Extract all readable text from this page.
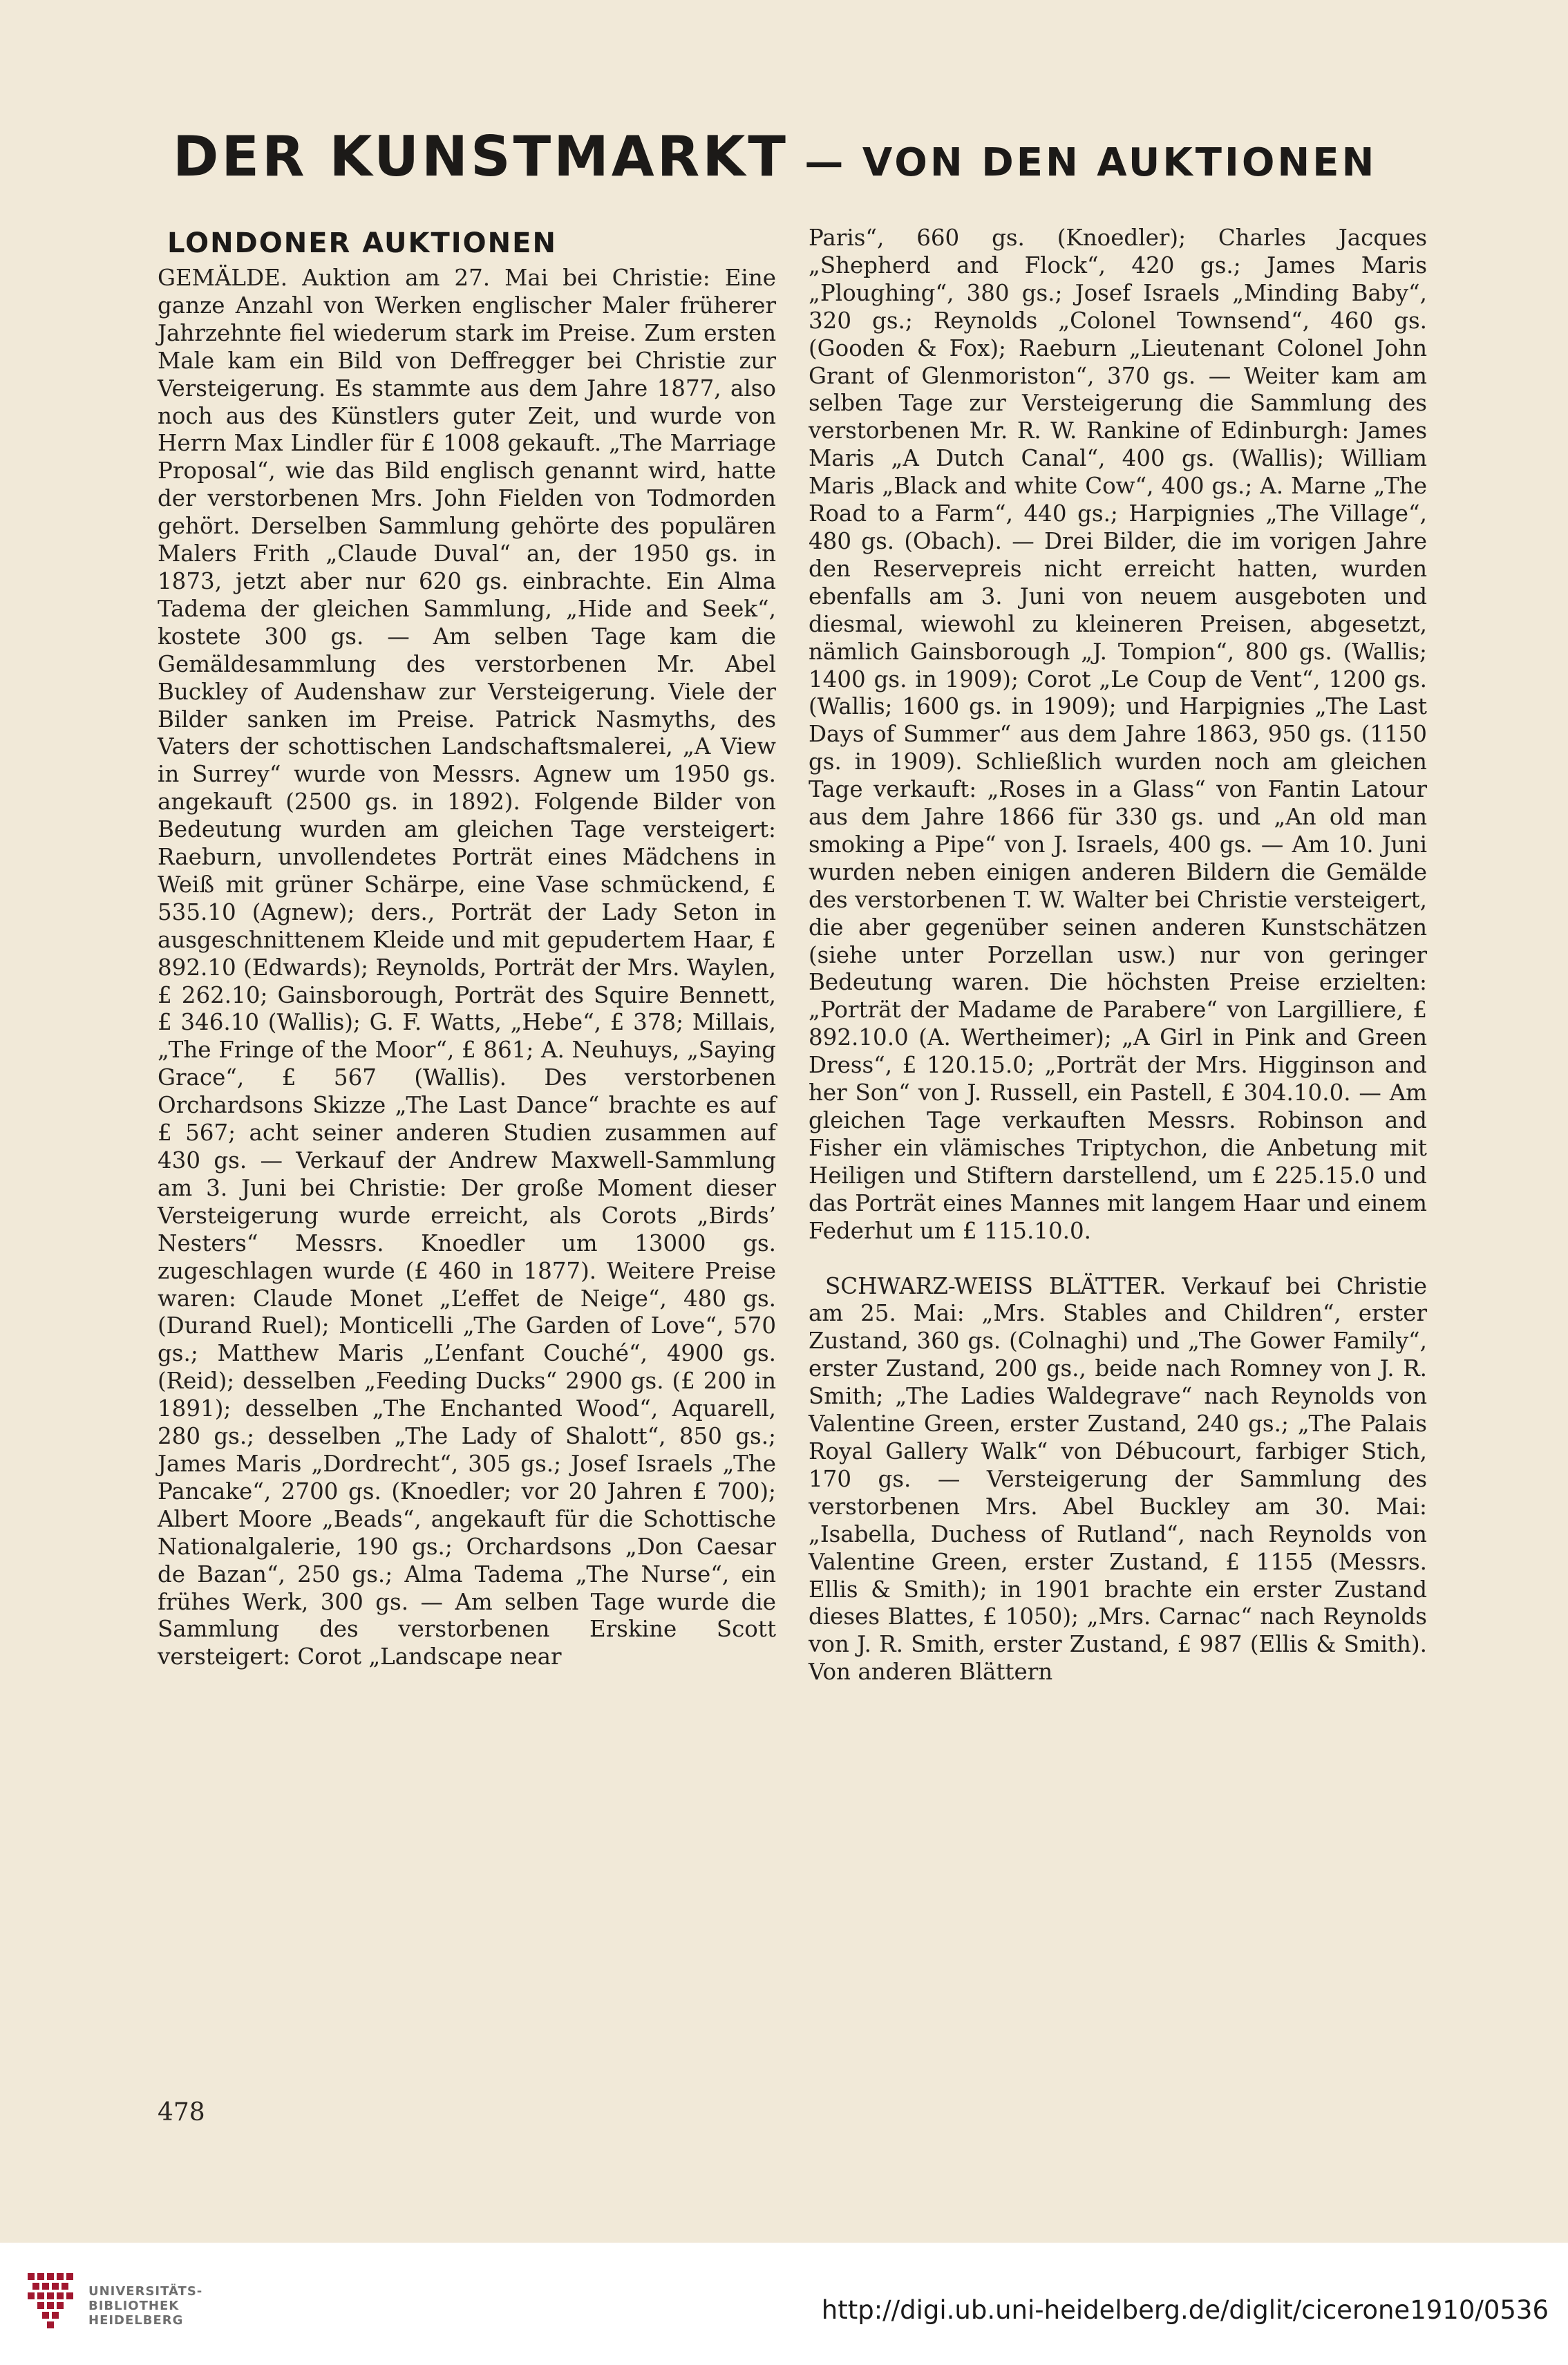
DER KUNSTMARKT — VON DEN AUKTIONEN
LONDONER AUKTIONEN

GEMÄLDE. Auktion am 27. Mai bei Christie: Eine ganze Anzahl von Werken englischer Maler früherer Jahrzehnte fiel wiederum stark im Preise. Zum ersten Male kam ein Bild von Deffregger bei Christie zur Versteigerung. Es stammte aus dem Jahre 1877, also noch aus des Künstlers guter Zeit, und wurde von Herrn Max Lindler für £ 1008 gekauft. „The Marriage Proposal“, wie das Bild englisch genannt wird, hatte der verstorbenen Mrs. John Fielden von Todmorden gehört. Derselben Sammlung gehörte des populären Malers Frith „Claude Duval“ an, der 1950 gs. in 1873, jetzt aber nur 620 gs. einbrachte. Ein Alma Tadema der gleichen Sammlung, „Hide and Seek“, kostete 300 gs. — Am selben Tage kam die Gemäldesammlung des verstorbenen Mr. Abel Buckley of Audenshaw zur Versteigerung. Viele der Bilder sanken im Preise. Patrick Nasmyths, des Vaters der schottischen Landschaftsmalerei, „A View in Surrey“ wurde von Messrs. Agnew um 1950 gs. angekauft (2500 gs. in 1892). Folgende Bilder von Bedeutung wurden am gleichen Tage versteigert: Raeburn, unvollendetes Porträt eines Mädchens in Weiß mit grüner Schärpe, eine Vase schmückend, £ 535.10 (Agnew); ders., Porträt der Lady Seton in ausgeschnittenem Kleide und mit gepudertem Haar, £ 892.10 (Edwards); Reynolds, Porträt der Mrs. Waylen, £ 262.10; Gainsborough, Porträt des Squire Bennett, £ 346.10 (Wallis); G. F. Watts, „Hebe“, £ 378; Millais, „The Fringe of the Moor“, £ 861; A. Neuhuys, „Saying Grace“, £ 567 (Wallis). Des verstorbenen Orchardsons Skizze „The Last Dance“ brachte es auf £ 567; acht seiner anderen Studien zusammen auf 430 gs. — Verkauf der Andrew Maxwell-Sammlung am 3. Juni bei Christie: Der große Moment dieser Versteigerung wurde erreicht, als Corots „Birds’ Nesters“ Messrs. Knoedler um 13000 gs. zugeschlagen wurde (£ 460 in 1877). Weitere Preise waren: Claude Monet „L’effet de Neige“, 480 gs. (Durand Ruel); Monticelli „The Garden of Love“, 570 gs.; Matthew Maris „L’enfant Couché“, 4900 gs. (Reid); desselben „Feeding Ducks“ 2900 gs. (£ 200 in 1891); desselben „The Enchanted Wood“, Aquarell, 280 gs.; desselben „The Lady of Shalott“, 850 gs.; James Maris „Dordrecht“, 305 gs.; Josef Israels „The Pancake“, 2700 gs. (Knoedler; vor 20 Jahren £ 700); Albert Moore „Beads“, angekauft für die Schottische Nationalgalerie, 190 gs.; Orchardsons „Don Caesar de Bazan“, 250 gs.; Alma Tadema „The Nurse“, ein frühes Werk, 300 gs. — Am selben Tage wurde die Sammlung des verstorbenen Erskine Scott versteigert: Corot „Landscape near

Paris“, 660 gs. (Knoedler); Charles Jacques „Shepherd and Flock“, 420 gs.; James Maris „Ploughing“, 380 gs.; Josef Israels „Minding Baby“, 320 gs.; Reynolds „Colonel Townsend“, 460 gs. (Gooden & Fox); Raeburn „Lieutenant Colonel John Grant of Glenmoriston“, 370 gs. — Weiter kam am selben Tage zur Versteigerung die Sammlung des verstorbenen Mr. R. W. Rankine of Edinburgh: James Maris „A Dutch Canal“, 400 gs. (Wallis); William Maris „Black and white Cow“, 400 gs.; A. Marne „The Road to a Farm“, 440 gs.; Harpignies „The Village“, 480 gs. (Obach). — Drei Bilder, die im vorigen Jahre den Reservepreis nicht erreicht hatten, wurden ebenfalls am 3. Juni von neuem ausgeboten und diesmal, wiewohl zu kleineren Preisen, abgesetzt, nämlich Gainsborough „J. Tompion“, 800 gs. (Wallis; 1400 gs. in 1909); Corot „Le Coup de Vent“, 1200 gs. (Wallis; 1600 gs. in 1909); und Harpignies „The Last Days of Summer“ aus dem Jahre 1863, 950 gs. (1150 gs. in 1909). Schließlich wurden noch am gleichen Tage verkauft: „Roses in a Glass“ von Fantin Latour aus dem Jahre 1866 für 330 gs. und „An old man smoking a Pipe“ von J. Israels, 400 gs. — Am 10. Juni wurden neben einigen anderen Bildern die Gemälde des verstorbenen T. W. Walter bei Christie versteigert, die aber gegenüber seinen anderen Kunstschätzen (siehe unter Porzellan usw.) nur von geringer Bedeutung waren. Die höchsten Preise erzielten: „Porträt der Madame de Parabere“ von Largilliere, £ 892.10.0 (A. Wertheimer); „A Girl in Pink and Green Dress“, £ 120.15.0; „Porträt der Mrs. Higginson and her Son“ von J. Russell, ein Pastell, £ 304.10.0. — Am gleichen Tage verkauften Messrs. Robinson and Fisher ein vlämisches Triptychon, die Anbetung mit Heiligen und Stiftern darstellend, um £ 225.15.0 und das Porträt eines Mannes mit langem Haar und einem Federhut um £ 115.10.0.

SCHWARZ-WEISS BLÄTTER. Verkauf bei Christie am 25. Mai: „Mrs. Stables and Children“, erster Zustand, 360 gs. (Colnaghi) und „The Gower Family“, erster Zustand, 200 gs., beide nach Romney von J. R. Smith; „The Ladies Waldegrave“ nach Reynolds von Valentine Green, erster Zustand, 240 gs.; „The Palais Royal Gallery Walk“ von Débucourt, farbiger Stich, 170 gs. — Versteigerung der Sammlung des verstorbenen Mrs. Abel Buckley am 30. Mai: „Isabella, Duchess of Rutland“, nach Reynolds von Valentine Green, erster Zustand, £ 1155 (Messrs. Ellis & Smith); in 1901 brachte ein erster Zustand dieses Blattes, £ 1050); „Mrs. Carnac“ nach Reynolds von J. R. Smith, erster Zustand, £ 987 (Ellis & Smith). Von anderen Blättern

478
UNIVERSITÄTS-
BIBLIOTHEK
HEIDELBERG	http://digi.ub.uni-heidelberg.de/diglit/cicerone1910/0536
